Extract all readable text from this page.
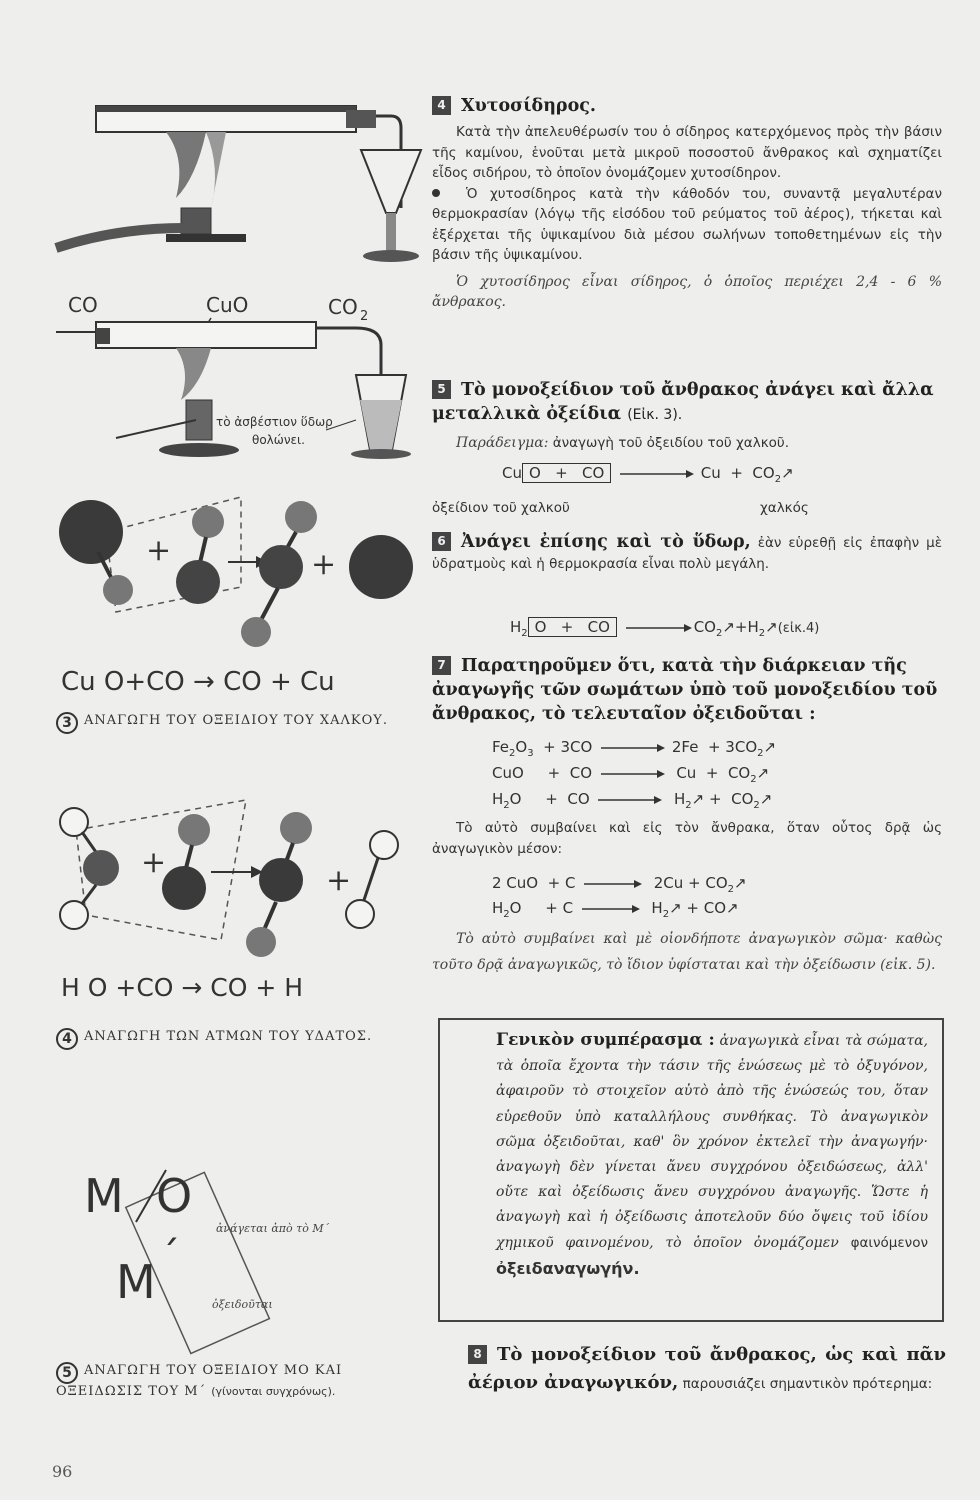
CO	CuO	CO 2
τὸ ἀσβέστιον ὕδωρ
θολώνει.
+	+
Cu O+CO → CO + Cu
3 ΑΝΑΓΩΓΗ ΤΟΥ ΟΞΕΙΔΙΟΥ ΤΟΥ ΧΑΛΚΟΥ.
+
+
H O +CO → CO + H
4 ΑΝΑΓΩΓΗ ΤΩΝ ΑΤΜΩΝ ΤΟΥ ΥΔΑΤΟΣ.
M O
M ´
ἀνάγεται ἀπὸ τὸ Μ΄
ὀξειδοῦται
5 ΑΝΑΓΩΓΗ ΤΟΥ ΟΞΕΙΔΙΟΥ ΜΟ ΚΑΙ ΟΞΕΙΔΩΣΙΣ ΤΟΥ Μ΄ (γίνονται συγχρόνως).
96
4 Χυτοσίδηρος.
Κατὰ τὴν ἀπελευθέρωσίν του ὁ σίδηρος κατερχόμενος πρὸς τὴν βάσιν τῆς καμίνου, ἑνοῦται μετὰ μικροῦ ποσοστοῦ ἄνθρακος καὶ σχηματίζει εἶδος σιδήρου, τὸ ὁποῖον ὀνομάζομεν χυτοσίδηρον.
Ὁ χυτοσίδηρος κατὰ τὴν κάθοδόν του, συναντᾷ μεγαλυτέραν θερμοκρασίαν (λόγῳ τῆς εἰσόδου τοῦ ρεύματος τοῦ ἀέρος), τήκεται καὶ ἐξέρχεται τῆς ὑψικαμίνου διὰ μέσου σωλήνων τοποθετημένων εἰς τὴν βάσιν τῆς ὑψικαμίνου.
Ὁ χυτοσίδηρος εἶναι σίδηρος, ὁ ὁποῖος περιέχει 2,4 - 6 % ἄνθρακος.
5 Τὸ μονοξείδιον τοῦ ἄνθρακος ἀνάγει καὶ ἄλλα μεταλλικὰ ὀξείδια (Εἰκ. 3).
Παράδειγμα: ἀναγωγὴ τοῦ ὀξειδίου τοῦ χαλκοῦ.
Cu O   +   CO	$Cu + CO_2↗$
ὀξείδιον τοῦ χαλκοῦ	χαλκός
6 Ἀνάγει ἐπίσης καὶ τὸ ὕδωρ, ἐὰν εὑρεθῇ εἰς ἐπαφὴν μὲ ὑδρατμοὺς καὶ ἡ θερμοκρασία εἶναι πολὺ μεγάλη.
$H_2$ O   +   CO	$CO_2↗+H_2↗(\varepsilon ἰ\kappa.4)$
7 Παρατηροῦμεν ὅτι, κατὰ τὴν διάρκειαν τῆς ἀναγωγῆς τῶν σωμάτων ὑπὸ τοῦ μονοξειδίου τοῦ ἄνθρακος, τὸ τελευταῖον ὀξειδοῦται :
$Fe_2O_3 + 3CO$	$2Fe + 3CO_2↗$
CuO     +  CO	$Cu + CO_2↗$
$H_2O$     +  CO	$H_2↗$ +  $CO_2↗$
Τὸ αὐτὸ συμβαίνει καὶ εἰς τὸν ἄνθρακα, ὅταν οὗτος δρᾷ ὡς ἀναγωγικὸν μέσον:
2 CuO  + C	$2Cu + CO_2↗$
$H_2O$     + C	$H_2↗$ + CO↗
Τὸ αὐτὸ συμβαίνει καὶ μὲ οἱονδήποτε ἀναγωγικὸν σῶμα· καθὼς τοῦτο δρᾷ ἀναγωγικῶς, τὸ ἴδιον ὑφίσταται καὶ τὴν ὀξείδωσιν (εἰκ. 5).
Γενικὸν συμπέρασμα : ἀναγωγικὰ εἶναι τὰ σώματα, τὰ ὁποῖα ἔχοντα τὴν τάσιν τῆς ἑνώσεως μὲ τὸ ὀξυγόνον, ἀφαιροῦν τὸ στοιχεῖον αὐτὸ ἀπὸ τῆς ἑνώσεώς του, ὅταν εὑρεθοῦν ὑπὸ καταλλήλους συνθήκας. Τὸ ἀναγωγικὸν σῶμα ὀξειδοῦται, καθ' ὃν χρόνον ἐκτελεῖ τὴν ἀναγωγήν· ἀναγωγὴ δὲν γίνεται ἄνευ συγχρόνου ὀξειδώσεως, ἀλλ' οὔτε καὶ ὀξείδωσις ἄνευ συγχρόνου ἀναγωγῆς. Ὥστε ἡ ἀναγωγὴ καὶ ἡ ὀξείδωσις ἀποτελοῦν δύο ὄψεις τοῦ ἰδίου χημικοῦ φαινομένου, τὸ ὁποῖον ὀνομάζομεν φαινόμενον ὀξειδαναγωγήν.
8 Τὸ μονοξείδιον τοῦ ἄνθρακος, ὡς καὶ πᾶν ἀέριον ἀναγωγικόν, παρουσιάζει σημαντικὸν πρότερημα:
